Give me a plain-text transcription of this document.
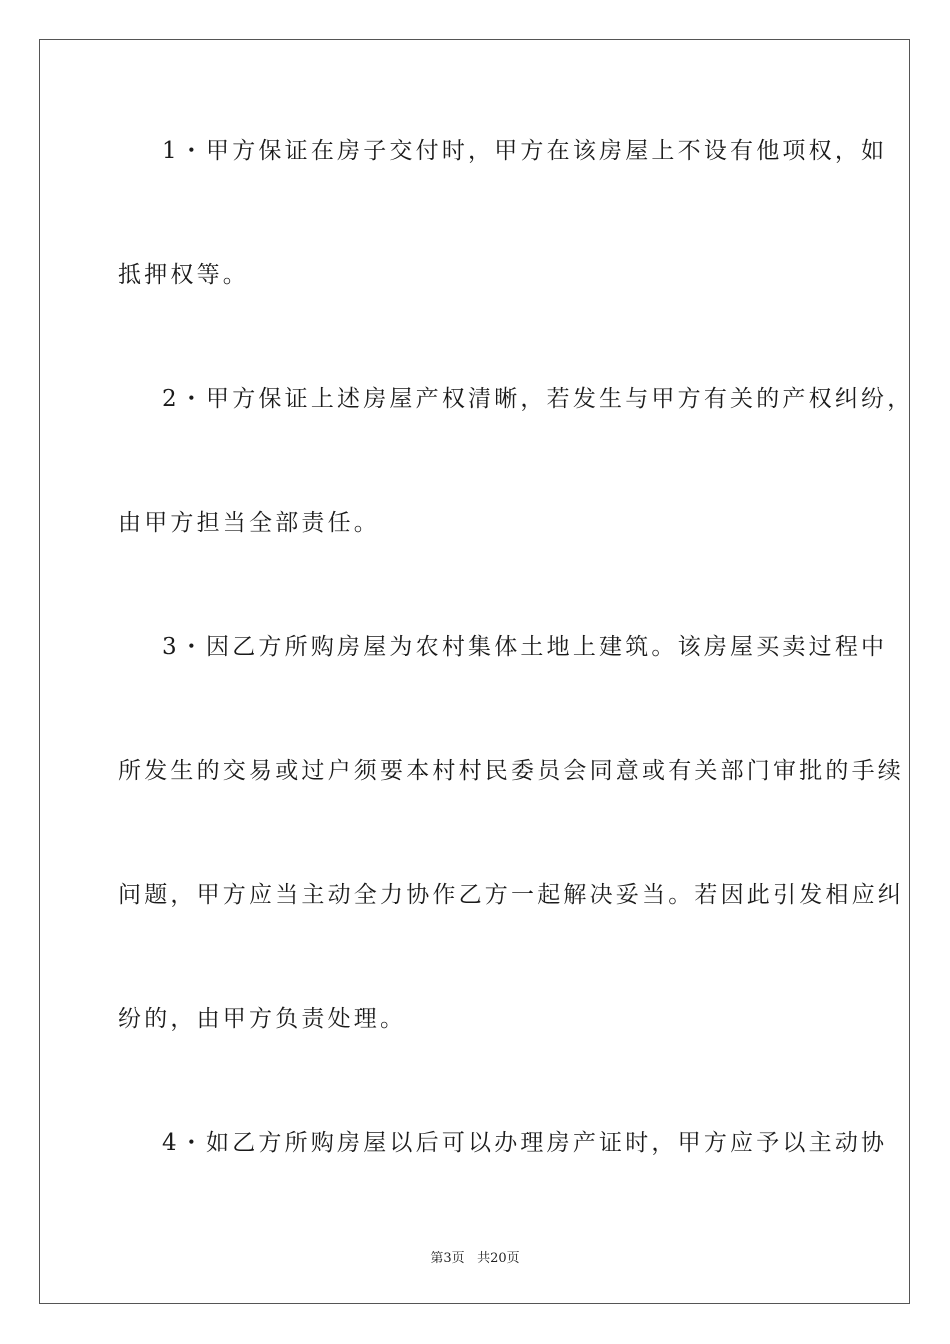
1・甲方保证在房子交付时，甲方在该房屋上不设有他项权，如
抵押权等。
2・甲方保证上述房屋产权清晰，若发生与甲方有关的产权纠纷，
由甲方担当全部责任。
3・因乙方所购房屋为农村集体土地上建筑。该房屋买卖过程中
所发生的交易或过户须要本村村民委员会同意或有关部门审批的手续
问题，甲方应当主动全力协作乙方一起解决妥当。若因此引发相应纠
纷的，由甲方负责处理。
4・如乙方所购房屋以后可以办理房产证时，甲方应予以主动协
第3页 共20页
